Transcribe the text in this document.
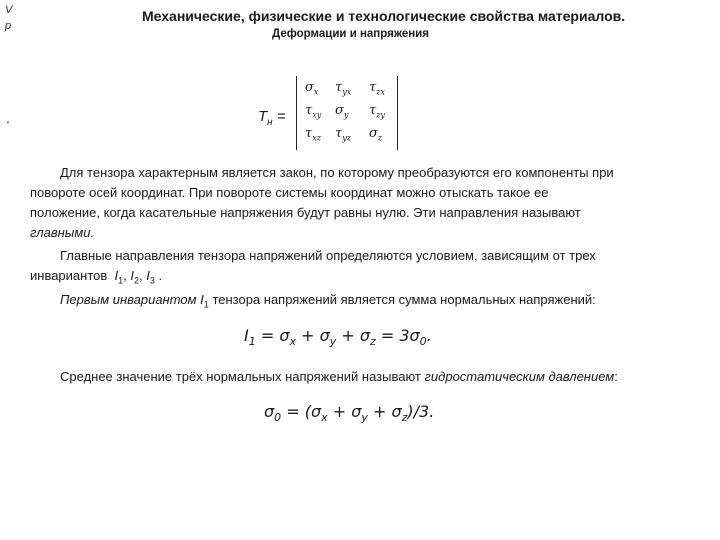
V
р
Механические, физические и технологические свойства материалов.
Деформации и напряжения
.	$T_н$ =
$\sigma_x$ $\tau_{yx}$ $\tau_{zx}$
$\tau_{xy}$ $\sigma_y$ $\tau_{zy}$
$\tau_{xz}$ $\tau_{yz}$ $\sigma_z$
Для тензора характерным является закон, по которому преобразуются его компоненты при
повороте осей координат. При повороте системы координат можно отыскать такое ее
положение, когда касательные напряжения будут равны нулю. Эти направления называют
главными.
Главные направления тензора напряжений определяются условием, зависящим от трех
инвариантов $I_1$, $I_2$, $I_3$ .
Первым инвариантом $I_1$ тензора напряжений является сумма нормальных напряжений:
$I_1 = \sigma_x + \sigma_y + \sigma_z = 3\sigma_0$.
Среднее значение трёх нормальных напряжений называют гидростатическим давлением:
$\sigma_0 = (\sigma_x + \sigma_y + \sigma_z)/3$.
